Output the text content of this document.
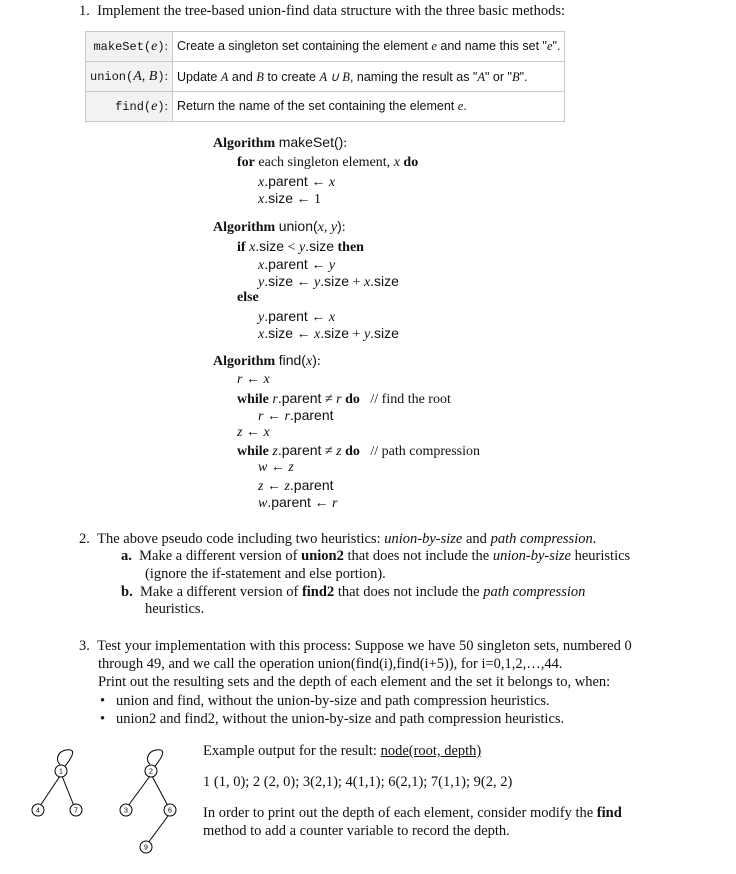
1. Implement the tree-based union-find data structure with the three basic methods:
makeSet(e):	Create a singleton set containing the element e and name this set "e".
union(A, B):	Update A and B to create A ∪ B, naming the result as "A" or "B".
find(e):	Return the name of the set containing the element e.
Algorithm makeSet():
for each singleton element, x do
x.parent ← x
x.size ← 1
Algorithm union(x, y):
if x.size < y.size then
x.parent ← y
y.size ← y.size + x.size
else
y.parent ← x
x.size ← x.size + y.size
Algorithm find(x):
r ← x
while r.parent ≠ r do // find the root
r ← r.parent
z ← x
while z.parent ≠ z do // path compression
w ← z
z ← z.parent
w.parent ← r
2. The above pseudo code including two heuristics: union-by-size and path compression.
a. Make a different version of union2 that does not include the union-by-size heuristics
(ignore the if-statement and else portion).
b. Make a different version of find2 that does not include the path compression
heuristics.
3. Test your implementation with this process: Suppose we have 50 singleton sets, numbered 0
through 49, and we call the operation union(find(i),find(i+5)), for i=0,1,2,…,44.
Print out the resulting sets and the depth of each element and the set it belongs to, when:
• union and find, without the union-by-size and path compression heuristics.
• union2 and find2, without the union-by-size and path compression heuristics.
Example output for the result: node(root, depth)
1 (1, 0); 2 (2, 0); 3(2,1); 4(1,1); 6(2,1); 7(1,1); 9(2, 2)
In order to print out the depth of each element, consider modify the find
method to add a counter variable to record the depth.
1
4	7
2
3	6
9
